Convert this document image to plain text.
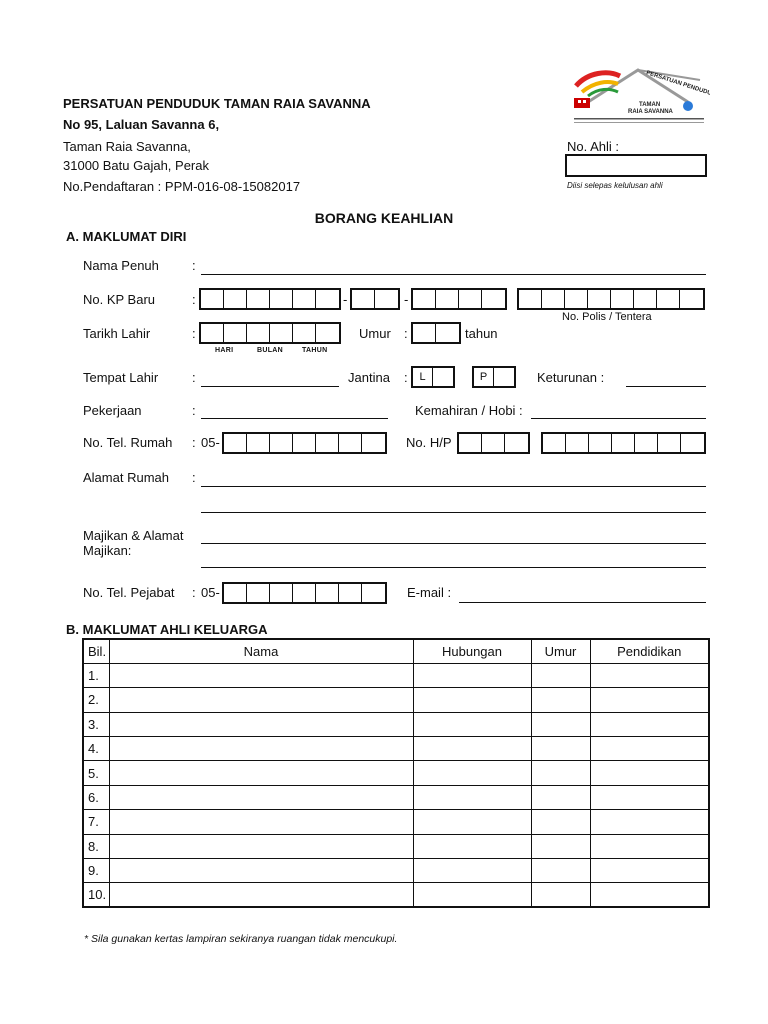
PERSATUAN PENDUDUK TAMAN RAIA SAVANNA
No 95, Laluan Savanna 6,
Taman Raia Savanna,
31000 Batu Gajah, Perak
No.Pendaftaran : PPM-016-08-15082017
TAMAN
RAIA SAVANNA
PERSATUAN PENDUDUK
No. Ahli :
Diisi selepas kelulusan ahli
BORANG KEAHLIAN
A. MAKLUMAT DIRI
Nama Penuh	:
No. KP Baru	:	-	-
No. Polis / Tentera
Tarikh Lahir	:
HARI	BULAN	TAHUN
Umur :	tahun
Tempat Lahir	:	Jantina :	L	P	Keturunan :
Pekerjaan	:	Kemahiran / Hobi :
No. Tel. Rumah : 05-	No. H/P
Alamat Rumah :
Majikan & Alamat
Majikan:
No. Tel. Pejabat : 05-	E-mail :
B. MAKLUMAT AHLI KELUARGA
Bil.	Nama	Hubungan	Umur	Pendidikan
1.				
2.				
3.				
4.				
5.				
6.				
7.				
8.				
9.				
10.				
* Sila gunakan kertas lampiran sekiranya ruangan tidak mencukupi.
